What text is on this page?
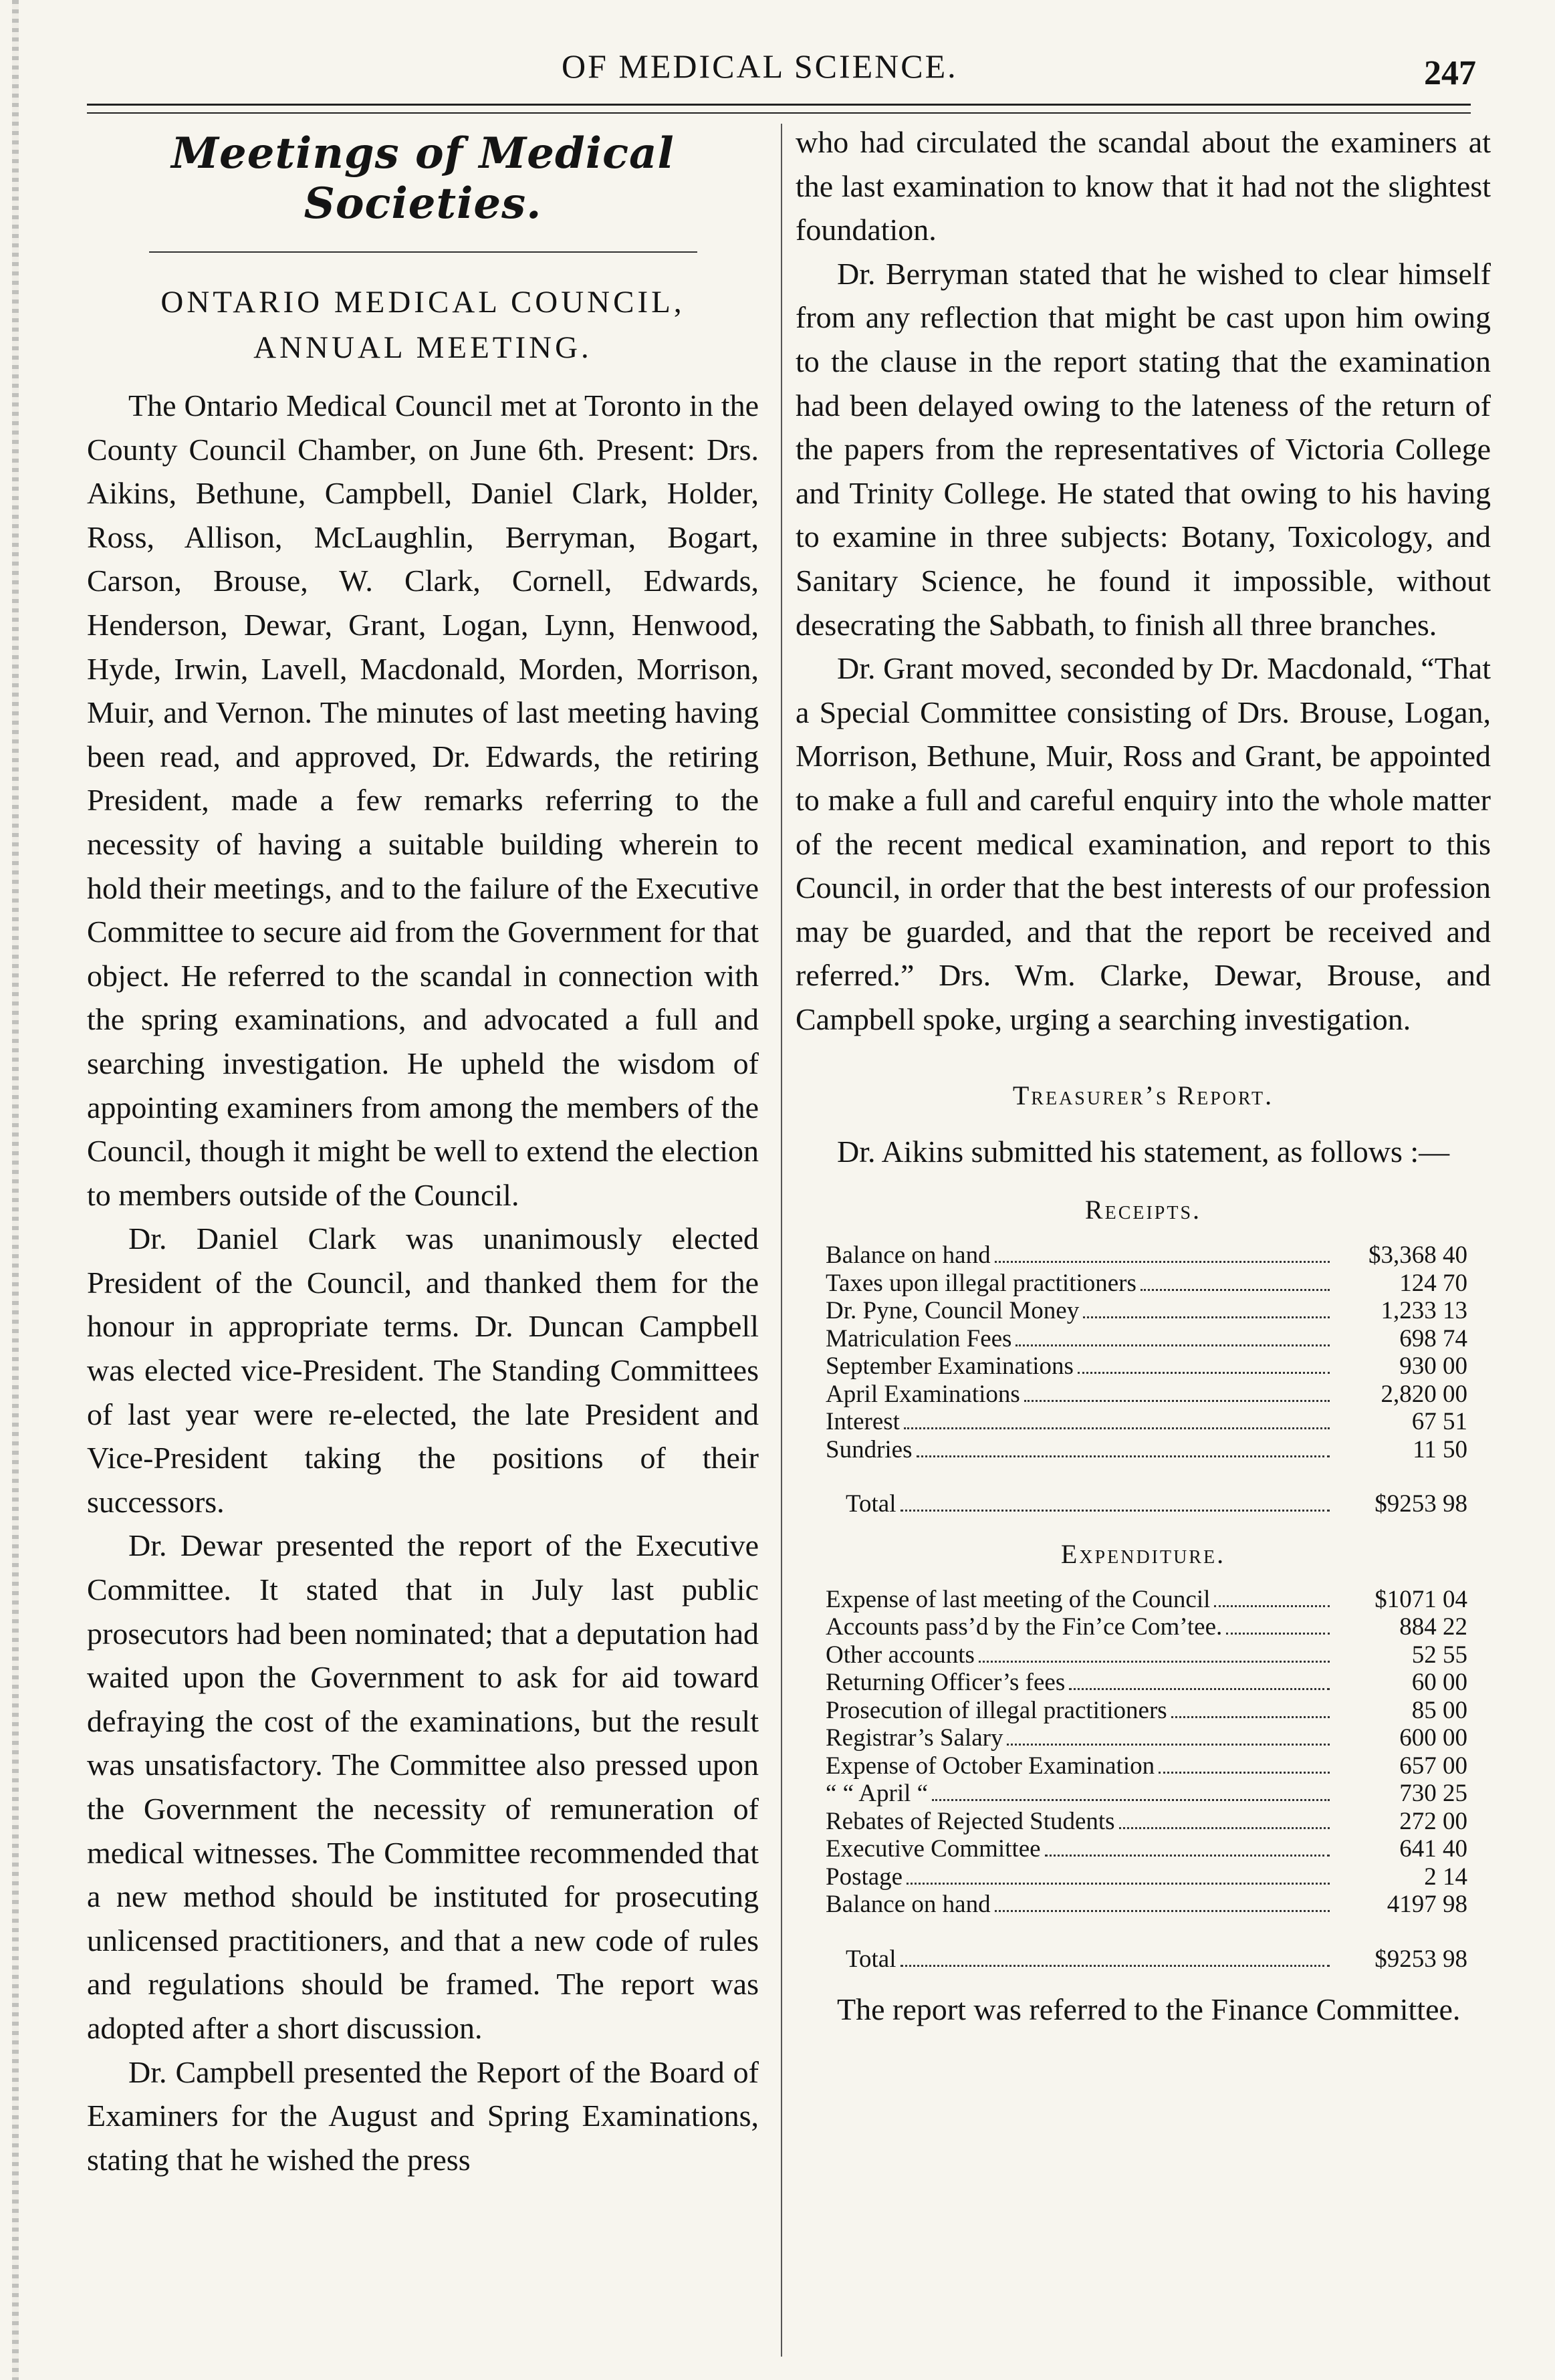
OF MEDICAL SCIENCE.	247
Meetings of Medical Societies.
ONTARIO MEDICAL COUNCIL,
ANNUAL MEETING.

The Ontario Medical Council met at Toronto in the County Council Chamber, on June 6th. Present: Drs. Aikins, Bethune, Campbell, Daniel Clark, Holder, Ross, Allison, McLaughlin, Berryman, Bogart, Carson, Brouse, W. Clark, Cornell, Edwards, Henderson, Dewar, Grant, Logan, Lynn, Henwood, Hyde, Irwin, Lavell, Macdonald, Morden, Morrison, Muir, and Vernon. The minutes of last meeting having been read, and approved, Dr. Edwards, the retiring President, made a few remarks referring to the necessity of having a suitable building wherein to hold their meetings, and to the failure of the Executive Committee to secure aid from the Government for that object. He referred to the scandal in connection with the spring examinations, and advocated a full and searching investigation. He upheld the wisdom of appointing examiners from among the members of the Council, though it might be well to extend the election to members outside of the Council.

Dr. Daniel Clark was unanimously elected President of the Council, and thanked them for the honour in appropriate terms. Dr. Duncan Campbell was elected vice-President. The Standing Committees of last year were re-elected, the late President and Vice-President taking the positions of their successors.

Dr. Dewar presented the report of the Executive Committee. It stated that in July last public prosecutors had been nominated; that a deputation had waited upon the Government to ask for aid toward defraying the cost of the examinations, but the result was unsatisfactory. The Committee also pressed upon the Government the necessity of remuneration of medical witnesses. The Committee recommended that a new method should be instituted for prosecuting unlicensed practitioners, and that a new code of rules and regulations should be framed. The report was adopted after a short discussion.

Dr. Campbell presented the Report of the Board of Examiners for the August and Spring Examinations, stating that he wished the press

who had circulated the scandal about the examiners at the last examination to know that it had not the slightest foundation.

Dr. Berryman stated that he wished to clear himself from any reflection that might be cast upon him owing to the clause in the report stating that the examination had been delayed owing to the lateness of the return of the papers from the representatives of Victoria College and Trinity College. He stated that owing to his having to examine in three subjects: Botany, Toxicology, and Sanitary Science, he found it impossible, without desecrating the Sabbath, to finish all three branches.

Dr. Grant moved, seconded by Dr. Macdonald, “That a Special Committee consisting of Drs. Brouse, Logan, Morrison, Bethune, Muir, Ross and Grant, be appointed to make a full and careful enquiry into the whole matter of the recent medical examination, and report to this Council, in order that the best interests of our profession may be guarded, and that the report be received and referred.” Drs. Wm. Clarke, Dewar, Brouse, and Campbell spoke, urging a searching investigation.

Treasurer’s Report.

Dr. Aikins submitted his statement, as follows :—

Receipts.
Balance on hand	$3,368 40
Taxes upon illegal practitioners	124 70
Dr. Pyne, Council Money	1,233 13
Matriculation Fees	698 74
September Examinations	930 00
April Examinations	2,820 00
Interest	67 51
Sundries	11 50
Total	$9253 98
Expenditure.
Expense of last meeting of the Council	$1071 04
Accounts pass’d by the Fin’ce Com’tee.	884 22
Other accounts	52 55
Returning Officer’s fees	60 00
Prosecution of illegal practitioners	85 00
Registrar’s Salary	600 00
Expense of October Examination	657 00
“ “ April “	730 25
Rebates of Rejected Students	272 00
Executive Committee	641 40
Postage	2 14
Balance on hand	4197 98
Total	$9253 98

The report was referred to the Finance Committee.
